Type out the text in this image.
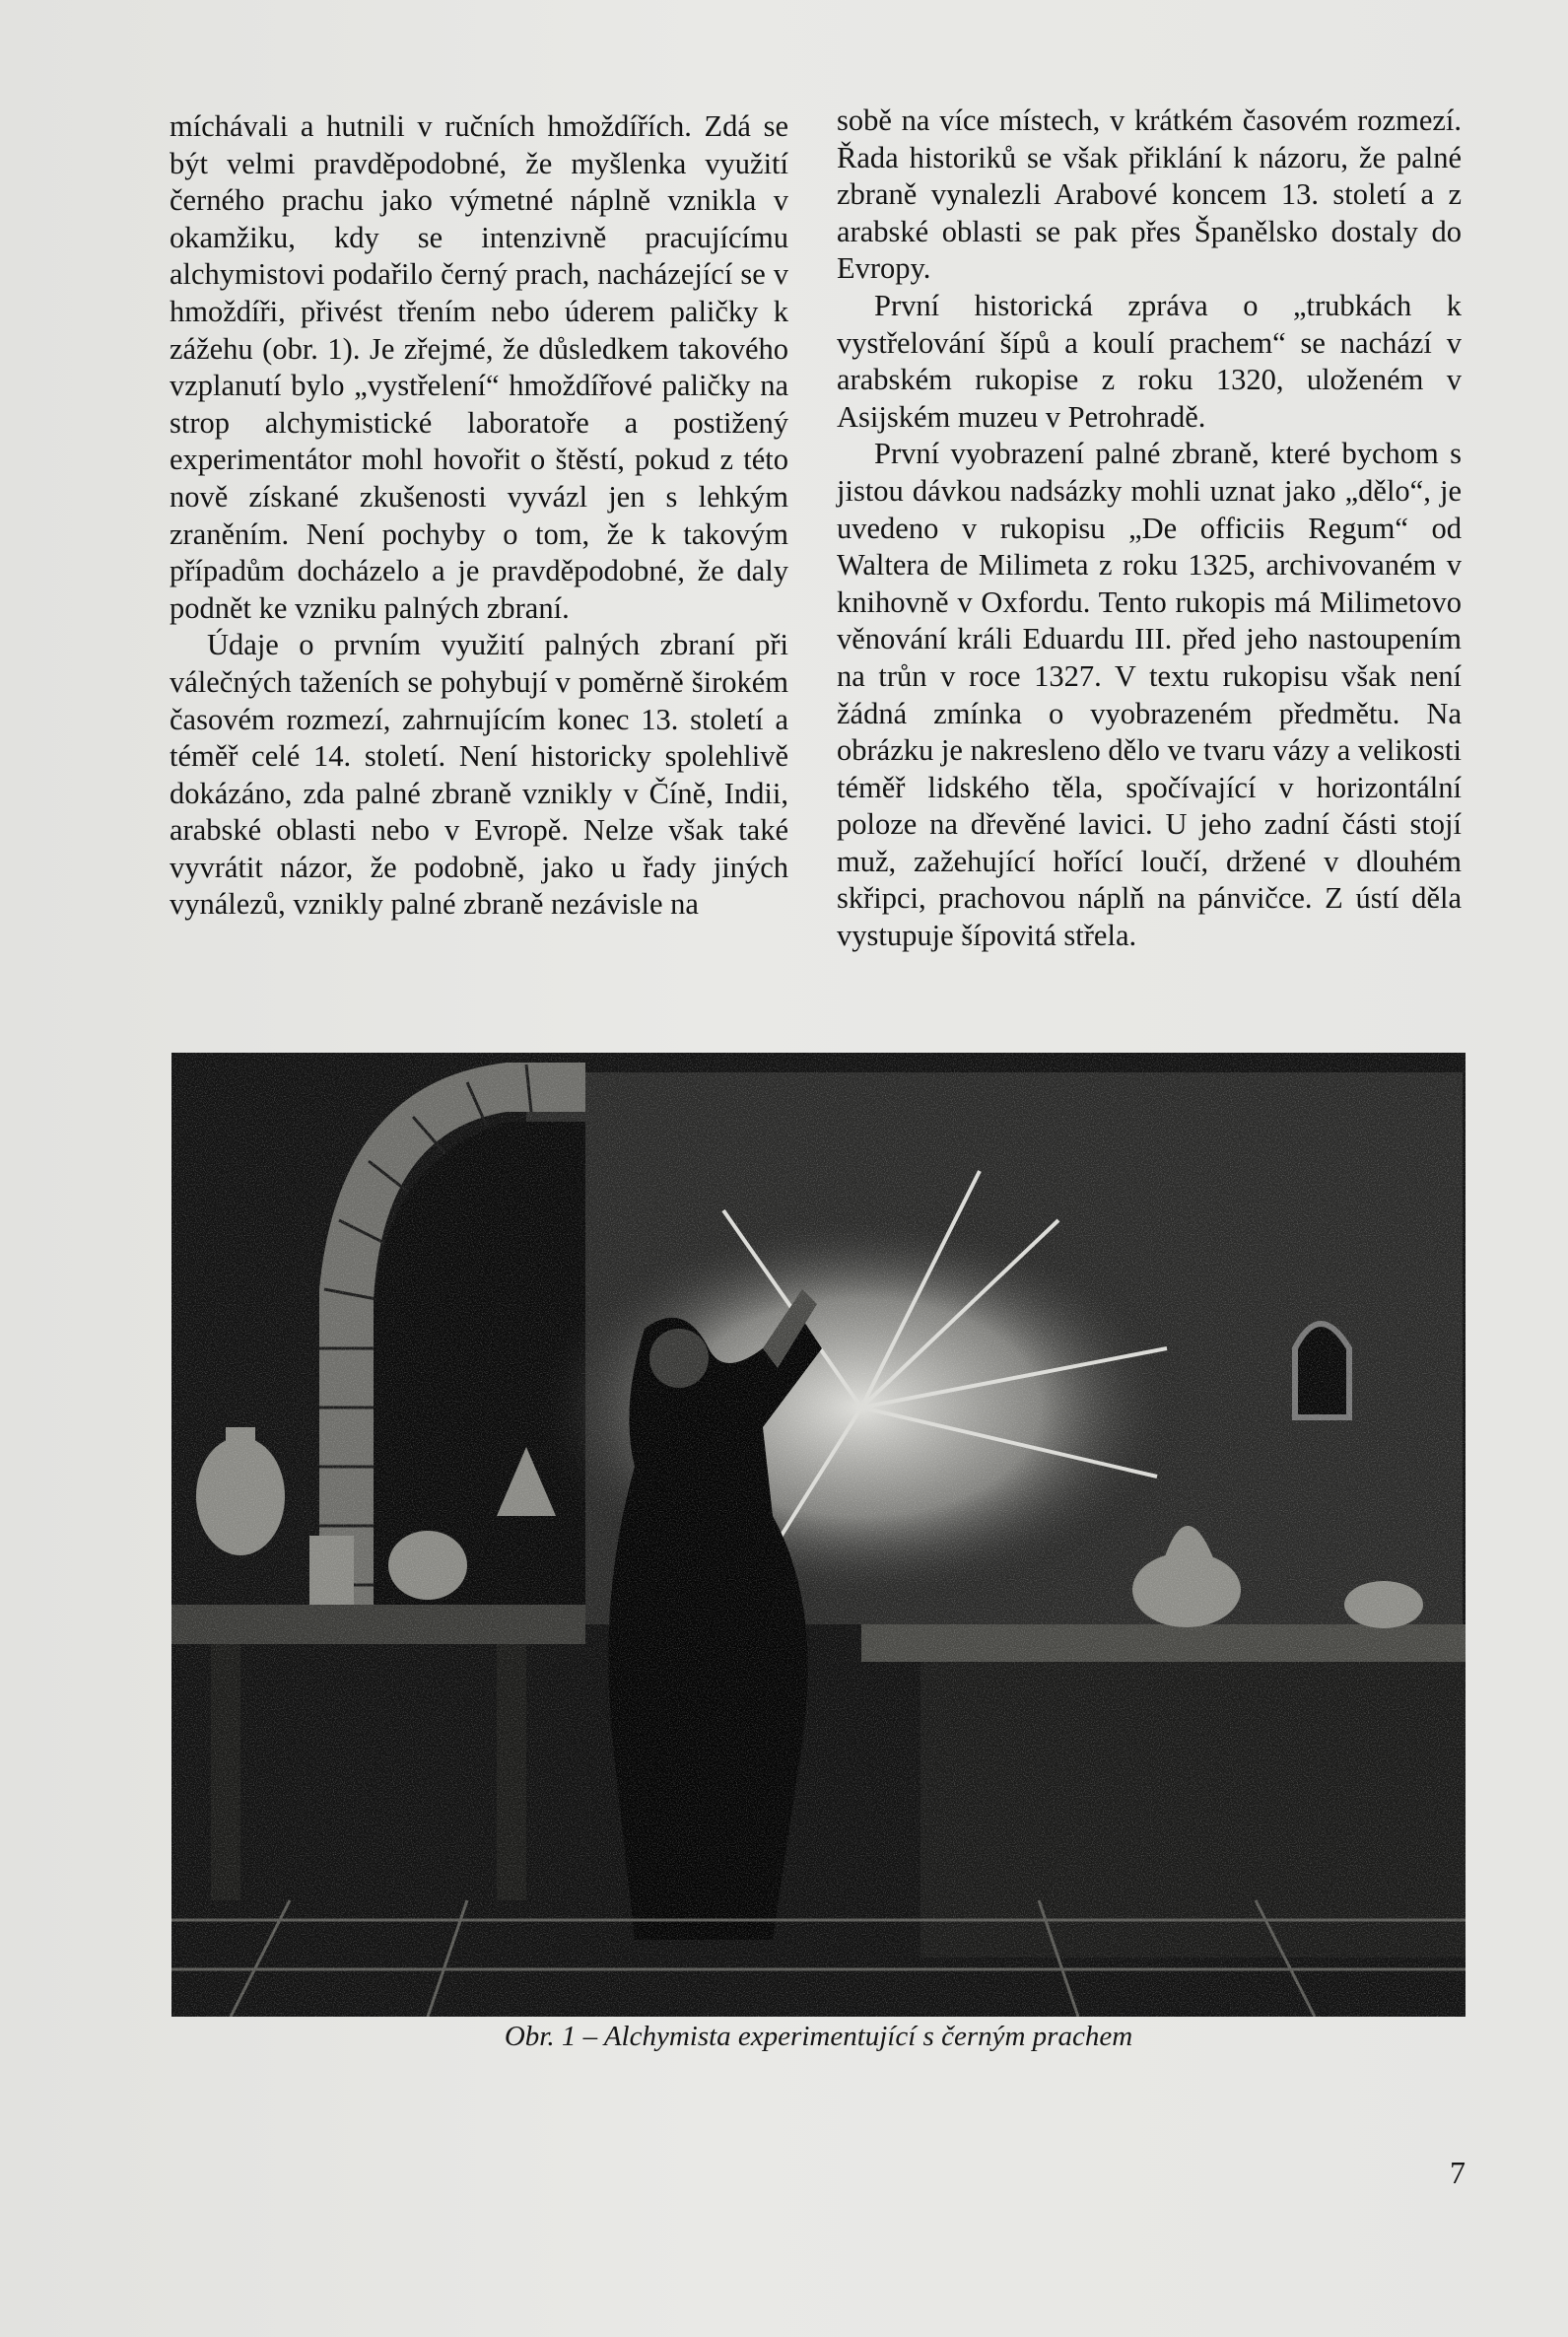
míchávali a hutnili v ručních hmoždířích. Zdá se být velmi pravděpodobné, že myšlenka využití černého prachu jako výmetné náplně vznikla v okamžiku, kdy se intenzivně pracujícímu alchymistovi podařilo černý prach, nacházející se v hmoždíři, přivést třením nebo úderem paličky k zážehu (obr. 1). Je zřejmé, že důsledkem takového vzplanutí bylo „vystřelení“ hmoždířové paličky na strop alchymistické laboratoře a postižený experimentátor mohl hovořit o štěstí, pokud z této nově získané zkušenosti vyvázl jen s lehkým zraněním. Není pochyby o tom, že k takovým případům docházelo a je pravděpodobné, že daly podnět ke vzniku palných zbraní.

Údaje o prvním využití palných zbraní při válečných taženích se pohybují v poměrně širokém časovém rozmezí, zahrnujícím konec 13. století a téměř celé 14. století. Není historicky spolehlivě dokázáno, zda palné zbraně vznikly v Číně, Indii, arabské oblasti nebo v Evropě. Nelze však také vyvrátit názor, že podobně, jako u řady jiných vynálezů, vznikly palné zbraně nezávisle na

sobě na více místech, v krátkém časovém rozmezí. Řada historiků se však přiklání k názoru, že palné zbraně vynalezli Arabové koncem 13. století a z arabské oblasti se pak přes Španělsko dostaly do Evropy.

První historická zpráva o „trubkách k vystřelování šípů a koulí prachem“ se nachází v arabském rukopise z roku 1320, uloženém v Asijském muzeu v Petrohradě.

První vyobrazení palné zbraně, které bychom s jistou dávkou nadsázky mohli uznat jako „dělo“, je uvedeno v rukopisu „De officiis Regum“ od Waltera de Milimeta z roku 1325, archivovaném v knihovně v Oxfordu. Tento rukopis má Milimetovo věnování králi Eduardu III. před jeho nastoupením na trůn v roce 1327. V textu rukopisu však není žádná zmínka o vyobrazeném předmětu. Na obrázku je nakresleno dělo ve tvaru vázy a velikosti téměř lidského těla, spočívající v horizontální poloze na dřevěné lavici. U jeho zadní části stojí muž, zažehující hořící loučí, držené v dlouhém skřipci, prachovou náplň na pánvičce. Z ústí děla vystupuje šípovitá střela.

Obr. 1 – Alchymista experimentující s černým prachem
7
